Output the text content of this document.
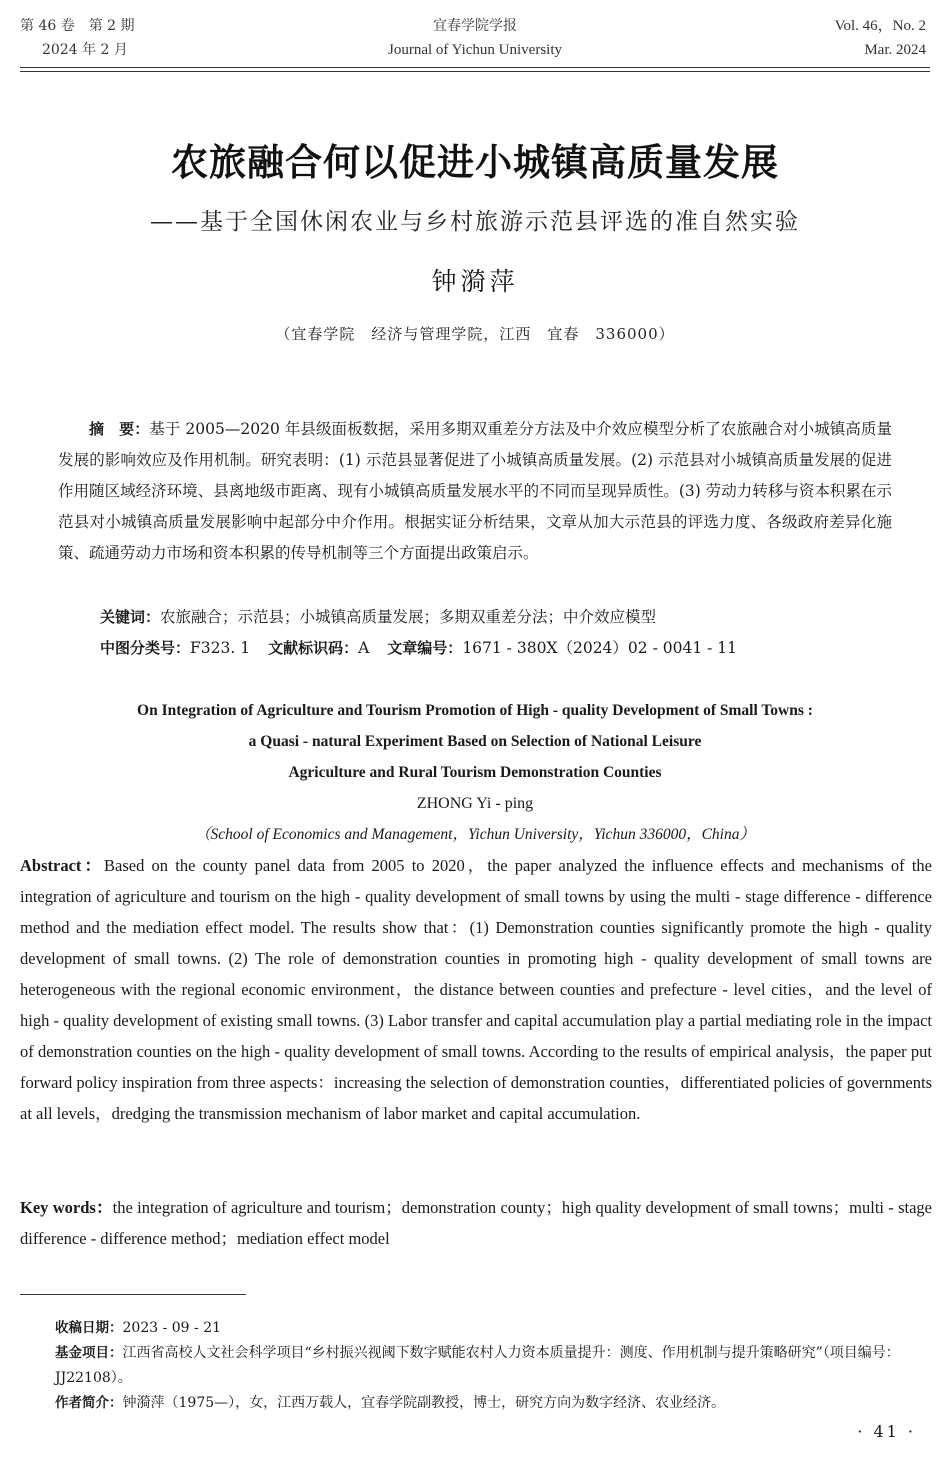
第 46 卷　第 2 期
2024 年 2 月
宜春学院学报
Journal of Yichun University
Vol. 46，No. 2
Mar. 2024
农旅融合何以促进小城镇高质量发展
——基于全国休闲农业与乡村旅游示范县评选的准自然实验
钟漪萍
（宜春学院　经济与管理学院，江西　宜春　336000）
摘　要：基于 2005—2020 年县级面板数据，采用多期双重差分方法及中介效应模型分析了农旅融合对小城镇高质量发展的影响效应及作用机制。研究表明：(1) 示范县显著促进了小城镇高质量发展。(2) 示范县对小城镇高质量发展的促进作用随区域经济环境、县离地级市距离、现有小城镇高质量发展水平的不同而呈现异质性。(3) 劳动力转移与资本积累在示范县对小城镇高质量发展影响中起部分中介作用。根据实证分析结果，文章从加大示范县的评选力度、各级政府差异化施策、疏通劳动力市场和资本积累的传导机制等三个方面提出政策启示。
关键词：农旅融合；示范县；小城镇高质量发展；多期双重差分法；中介效应模型
中图分类号：F323. 1 文献标识码：A 文章编号：1671 - 380X（2024）02 - 0041 - 11
On Integration of Agriculture and Tourism Promotion of High - quality Development of Small Towns :
a Quasi - natural Experiment Based on Selection of National Leisure
Agriculture and Rural Tourism Demonstration Counties
ZHONG Yi - ping
（School of Economics and Management，Yichun University，Yichun 336000，China）
Abstract：Based on the county panel data from 2005 to 2020，the paper analyzed the influence effects and mechanisms of the integration of agriculture and tourism on the high - quality development of small towns by using the multi - stage difference - difference method and the mediation effect model. The results show that：(1) Demonstration counties significantly promote the high - quality development of small towns. (2) The role of demonstration counties in promoting high - quality development of small towns are heterogeneous with the regional economic environment，the distance between counties and prefecture - level cities，and the level of high - quality development of existing small towns. (3) Labor transfer and capital accumulation play a partial mediating role in the impact of demonstration counties on the high - quality development of small towns. According to the results of empirical analysis，the paper put forward policy inspiration from three aspects：increasing the selection of demonstration counties，differentiated policies of governments at all levels，dredging the transmission mechanism of labor market and capital accumulation.
Key words：the integration of agriculture and tourism；demonstration county；high quality development of small towns；multi - stage difference - difference method；mediation effect model
收稿日期：2023 - 09 - 21
基金项目：江西省高校人文社会科学项目“乡村振兴视阈下数字赋能农村人力资本质量提升：测度、作用机制与提升策略研究”（项目编号：JJ22108）。
作者简介：钟漪萍（1975—），女，江西万载人，宜春学院副教授，博士，研究方向为数字经济、农业经济。
· 41 ·
